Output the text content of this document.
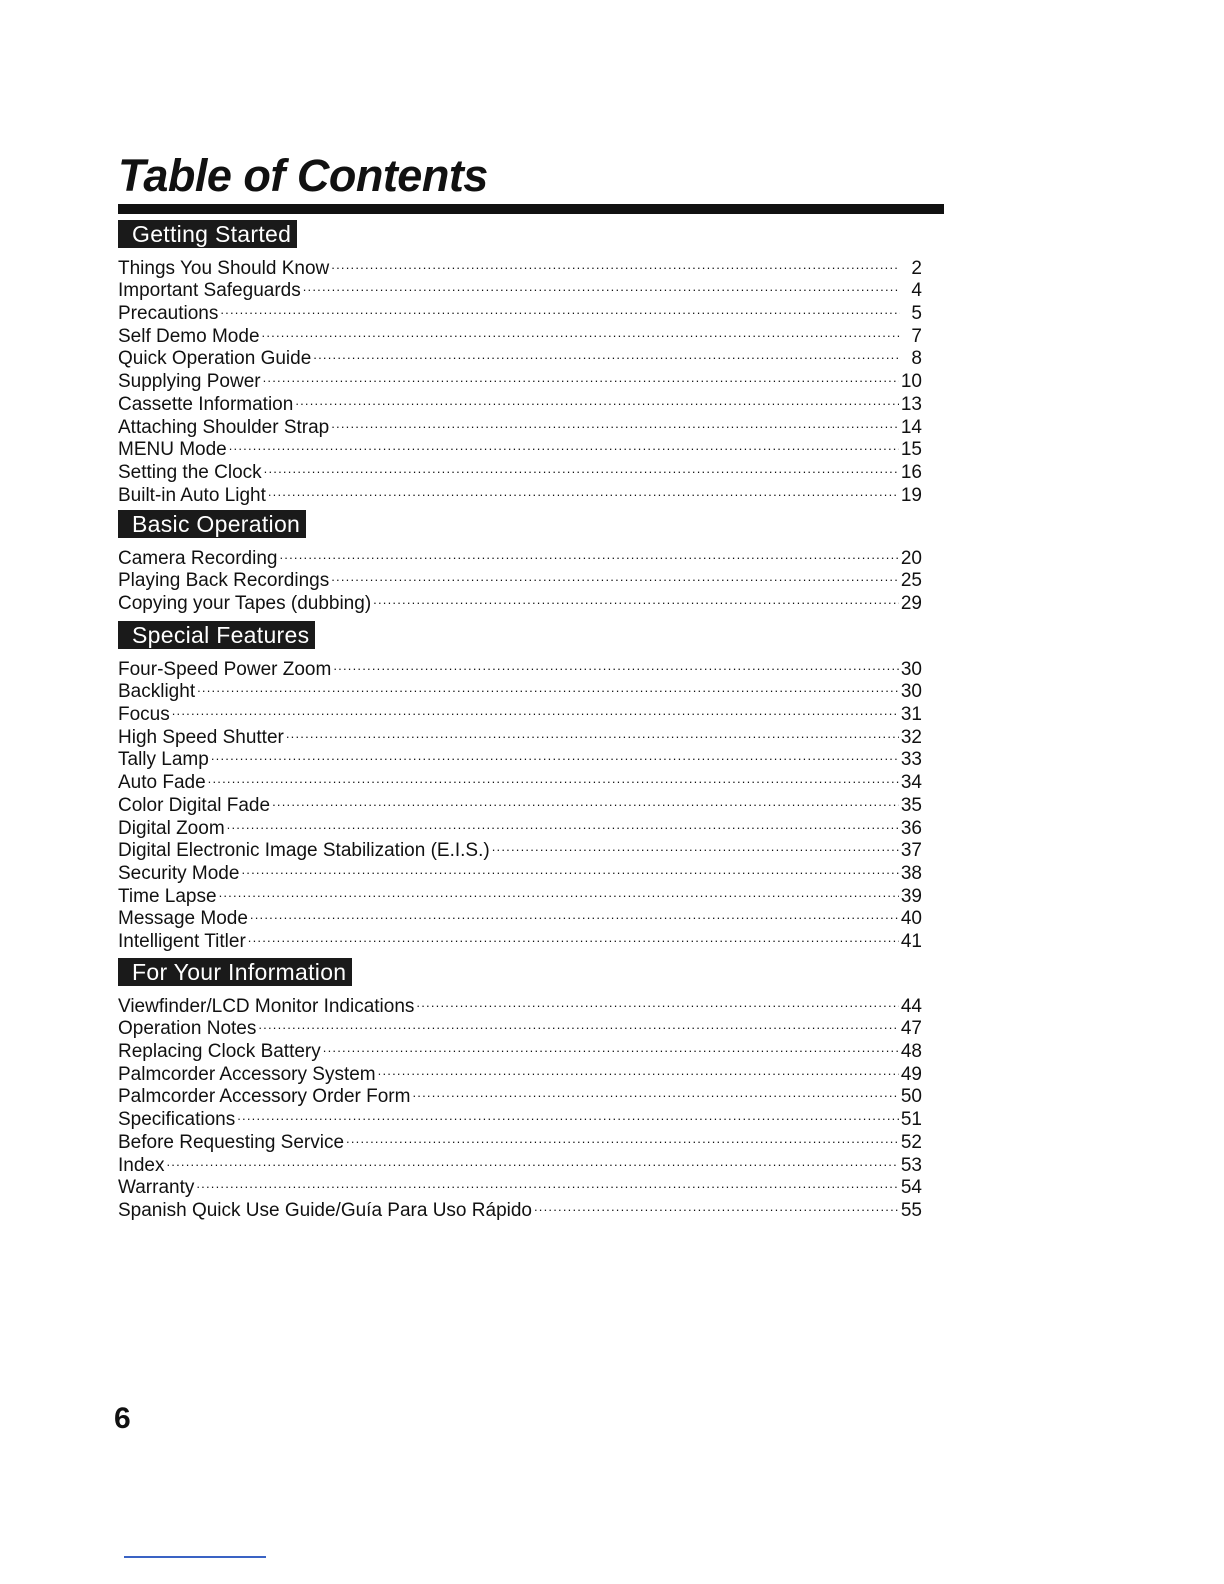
Table of Contents
Getting Started
Things You Should Know .....	2
Important Safeguards .....	4
Precautions .....	5
Self Demo Mode .....	7
Quick Operation Guide .....	8
Supplying Power .....	10
Cassette Information .....	13
Attaching Shoulder Strap .....	14
MENU Mode .....	15
Setting the Clock .....	16
Built-in Auto Light .....	19
Basic Operation
Camera Recording .....	20
Playing Back Recordings .....	25
Copying your Tapes (dubbing) .....	29
Special Features
Four-Speed Power Zoom .....	30
Backlight .....	30
Focus .....	31
High Speed Shutter .....	32
Tally Lamp .....	33
Auto Fade .....	34
Color Digital Fade .....	35
Digital Zoom .....	36
Digital Electronic Image Stabilization (E.I.S.) .....	37
Security Mode .....	38
Time Lapse .....	39
Message Mode .....	40
Intelligent Titler .....	41
For Your Information
Viewfinder/LCD Monitor Indications .....	44
Operation Notes .....	47
Replacing Clock Battery .....	48
Palmcorder Accessory System .....	49
Palmcorder Accessory Order Form .....	50
Specifications .....	51
Before Requesting Service .....	52
Index .....	53
Warranty .....	54
Spanish Quick Use Guide/Guía Para Uso Rápido .....	55
6
